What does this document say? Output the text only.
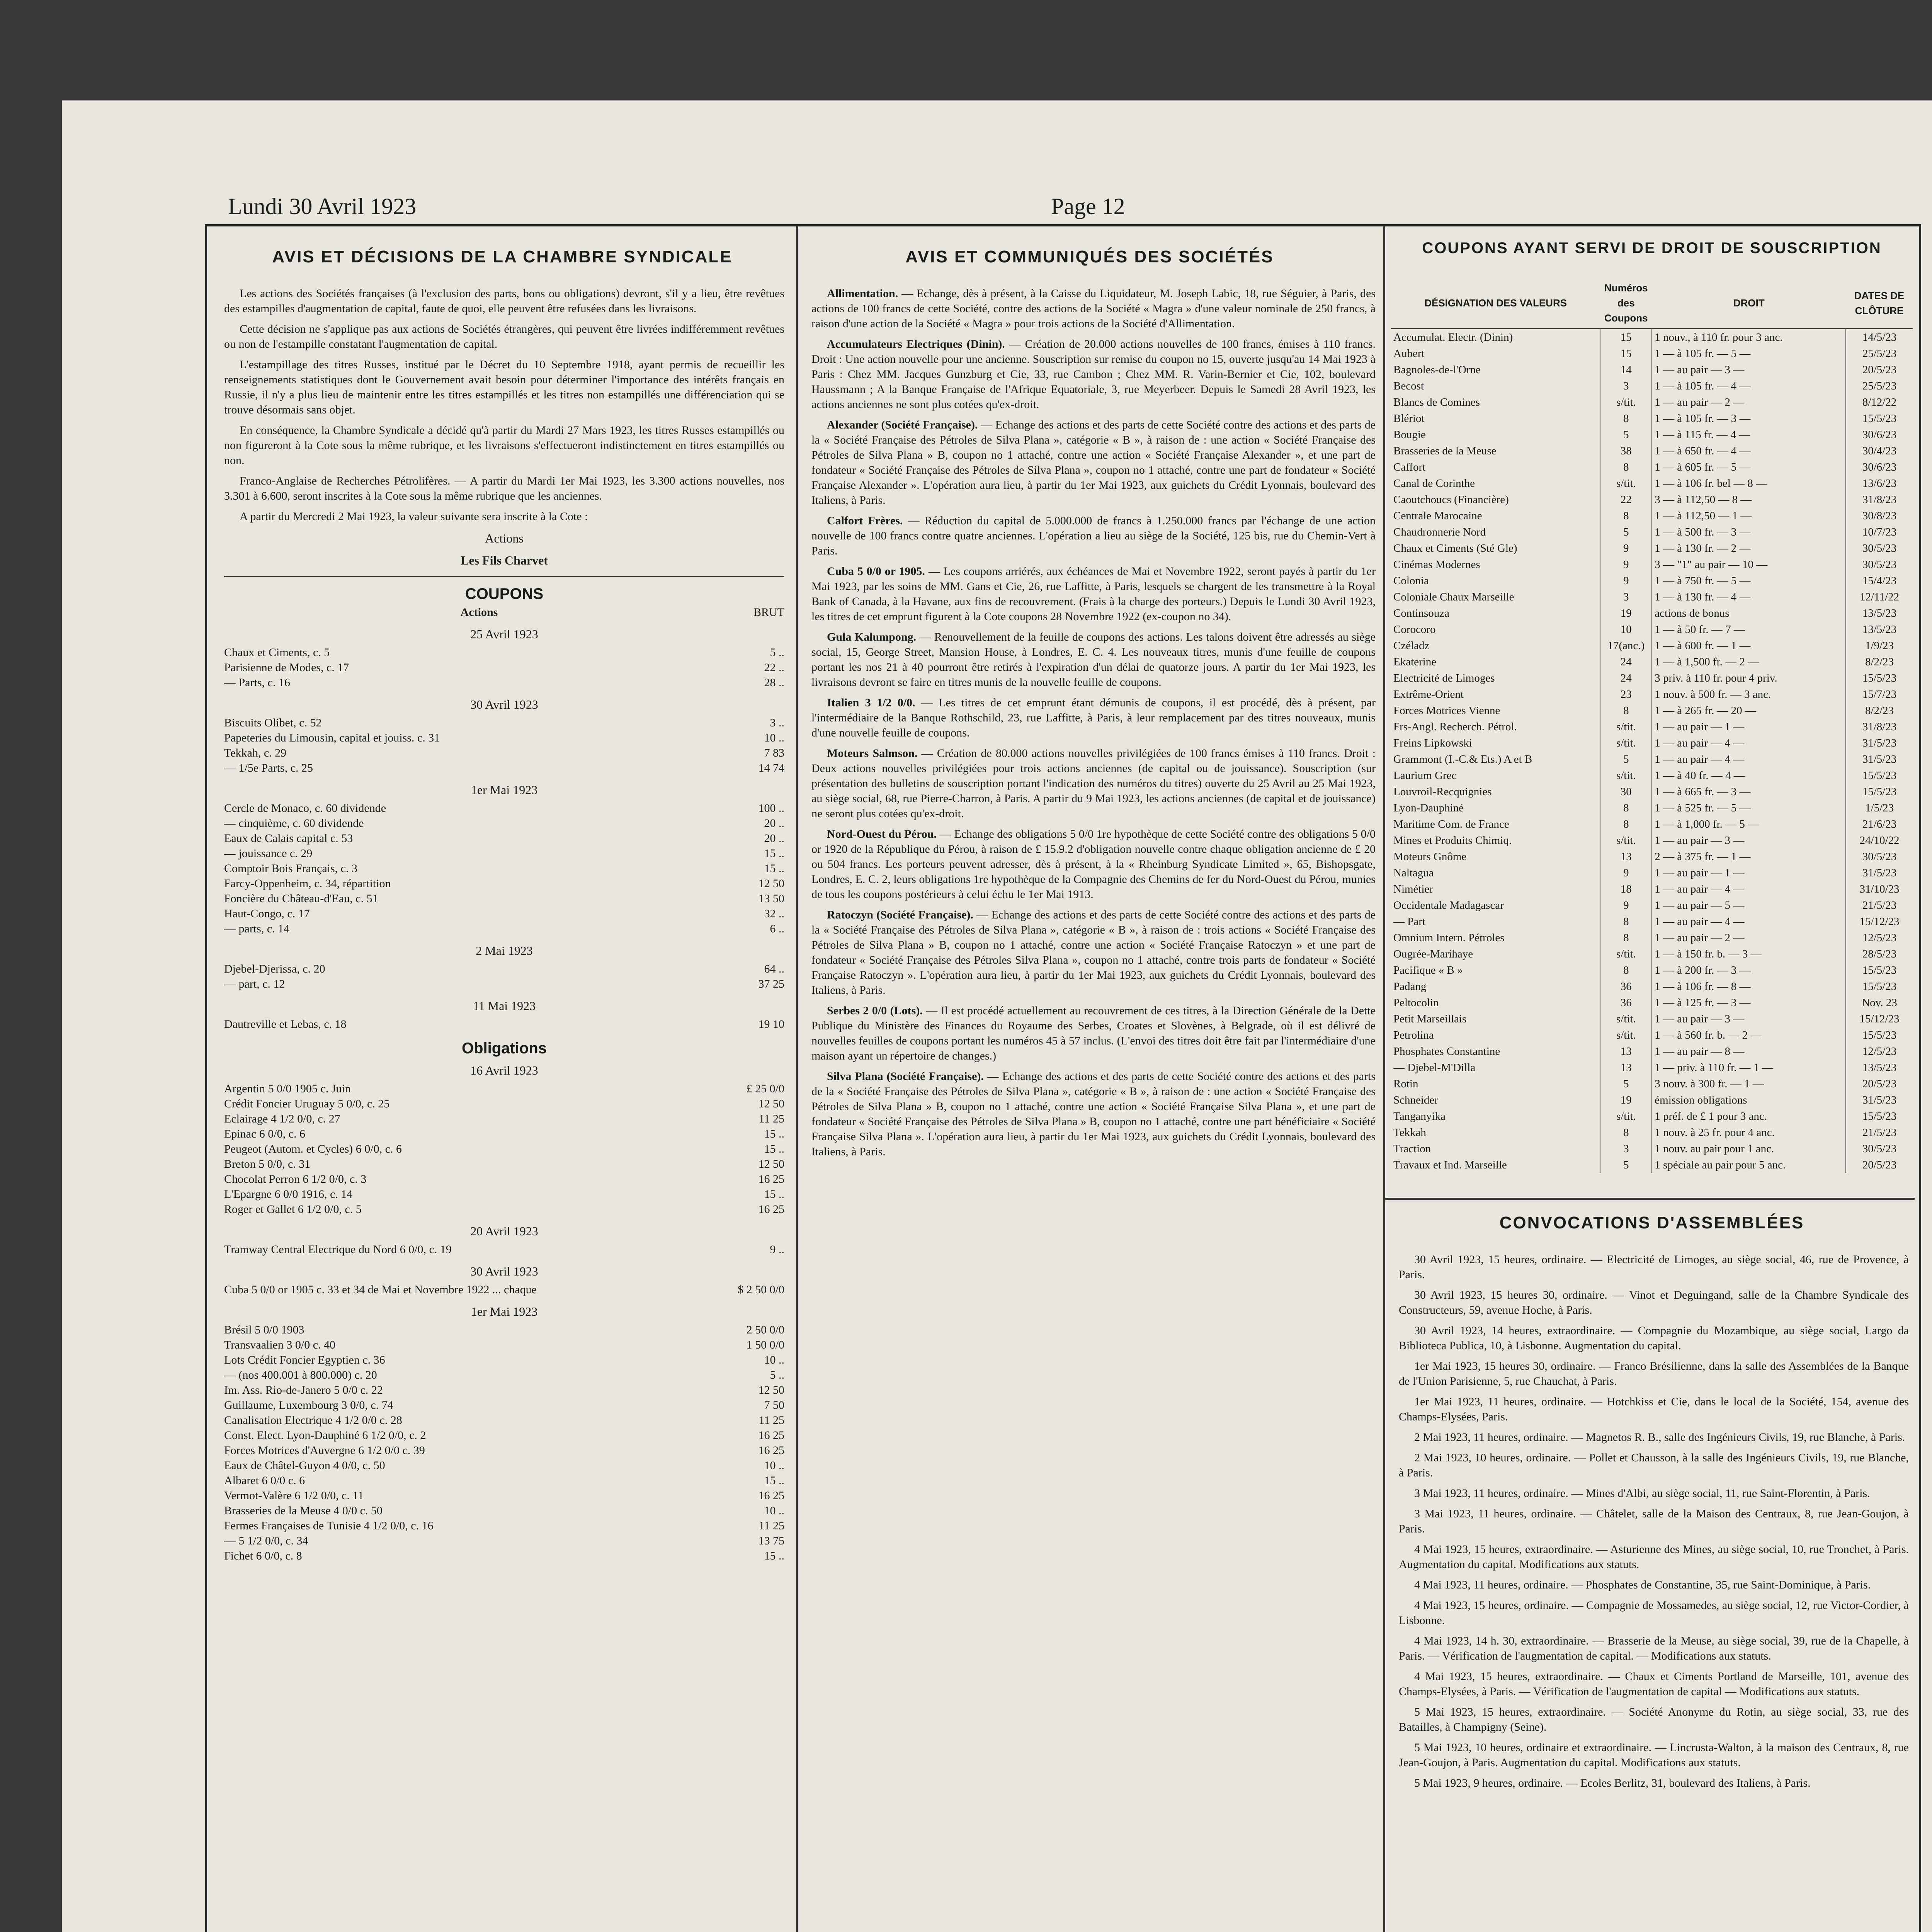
Lundi 30 Avril 1923	Page 12
AVIS ET DÉCISIONS DE LA CHAMBRE SYNDICALE

Les actions des Sociétés françaises (à l'exclusion des parts, bons ou obligations) devront, s'il y a lieu, être revêtues des estampilles d'augmentation de capital, faute de quoi, elle peuvent être refusées dans les livraisons.

Cette décision ne s'applique pas aux actions de Sociétés étrangères, qui peuvent être livrées indifféremment revêtues ou non de l'estampille constatant l'augmentation de capital.

L'estampillage des titres Russes, institué par le Décret du 10 Septembre 1918, ayant permis de recueillir les renseignements statistiques dont le Gouvernement avait besoin pour déterminer l'importance des intérêts français en Russie, il n'y a plus lieu de maintenir entre les titres estampillés et les titres non estampillés une différenciation qui se trouve désormais sans objet.

En conséquence, la Chambre Syndicale a décidé qu'à partir du Mardi 27 Mars 1923, les titres Russes estampillés ou non figureront à la Cote sous la même rubrique, et les livraisons s'effectueront indistinctement en titres estampillés ou non.

Franco-Anglaise de Recherches Pétrolifères. — A partir du Mardi 1er Mai 1923, les 3.300 actions nouvelles, nos 3.301 à 6.600, seront inscrites à la Cote sous la même rubrique que les anciennes.

A partir du Mercredi 2 Mai 1923, la valeur suivante sera inscrite à la Cote :

Actions
Les Fils Charvet
COUPONS
Actions	BRUT
25 Avril 1923
Chaux et Ciments, c. 5	5 ..
Parisienne de Modes, c. 17	22 ..
— Parts, c. 16	28 ..
30 Avril 1923
Biscuits Olibet, c. 52	3 ..
Papeteries du Limousin, capital et jouiss. c. 31	10 ..
Tekkah, c. 29	7 83
— 1/5e Parts, c. 25	14 74
1er Mai 1923
Cercle de Monaco, c. 60 dividende	100 ..
— cinquième, c. 60 dividende	20 ..
Eaux de Calais capital c. 53	20 ..
— jouissance c. 29	15 ..
Comptoir Bois Français, c. 3	15 ..
Farcy-Oppenheim, c. 34, répartition	12 50
Foncière du Château-d'Eau, c. 51	13 50
Haut-Congo, c. 17	32 ..
— parts, c. 14	6 ..
2 Mai 1923
Djebel-Djerissa, c. 20	64 ..
— part, c. 12	37 25
11 Mai 1923
Dautreville et Lebas, c. 18	19 10
Obligations
16 Avril 1923
Argentin 5 0/0 1905 c. Juin	£ 25 0/0
Crédit Foncier Uruguay 5 0/0, c. 25	12 50
Eclairage 4 1/2 0/0, c. 27	11 25
Epinac 6 0/0, c. 6	15 ..
Peugeot (Autom. et Cycles) 6 0/0, c. 6	15 ..
Breton 5 0/0, c. 31	12 50
Chocolat Perron 6 1/2 0/0, c. 3	16 25
L'Epargne 6 0/0 1916, c. 14	15 ..
Roger et Gallet 6 1/2 0/0, c. 5	16 25
20 Avril 1923
Tramway Central Electrique du Nord 6 0/0, c. 19	9 ..
30 Avril 1923
Cuba 5 0/0 or 1905 c. 33 et 34 de Mai et Novembre 1922 ... chaque	$ 2 50 0/0
1er Mai 1923
Brésil 5 0/0 1903	2 50 0/0
Transvaalien 3 0/0 c. 40	1 50 0/0
Lots Crédit Foncier Egyptien c. 36	10 ..
— (nos 400.001 à 800.000) c. 20	5 ..
Im. Ass. Rio-de-Janero 5 0/0 c. 22	12 50
Guillaume, Luxembourg 3 0/0, c. 74	7 50
Canalisation Electrique 4 1/2 0/0 c. 28	11 25
Const. Elect. Lyon-Dauphiné 6 1/2 0/0, c. 2	16 25
Forces Motrices d'Auvergne 6 1/2 0/0 c. 39	16 25
Eaux de Châtel-Guyon 4 0/0, c. 50	10 ..
Albaret 6 0/0 c. 6	15 ..
Vermot-Valère 6 1/2 0/0, c. 11	16 25
Brasseries de la Meuse 4 0/0 c. 50	10 ..
Fermes Françaises de Tunisie 4 1/2 0/0, c. 16	11 25
— 5 1/2 0/0, c. 34	13 75
Fichet 6 0/0, c. 8	15 ..
AVIS ET COMMUNIQUÉS DES SOCIÉTÉS

Allimentation. — Echange, dès à présent, à la Caisse du Liquidateur, M. Joseph Labic, 18, rue Séguier, à Paris, des actions de 100 francs de cette Société, contre des actions de la Société « Magra » d'une valeur nominale de 250 francs, à raison d'une action de la Société « Magra » pour trois actions de la Société d'Allimentation.

Accumulateurs Electriques (Dinin). — Création de 20.000 actions nouvelles de 100 francs, émises à 110 francs. Droit : Une action nouvelle pour une ancienne. Souscription sur remise du coupon no 15, ouverte jusqu'au 14 Mai 1923 à Paris : Chez MM. Jacques Gunzburg et Cie, 33, rue Cambon ; Chez MM. R. Varin-Bernier et Cie, 102, boulevard Haussmann ; A la Banque Française de l'Afrique Equatoriale, 3, rue Meyerbeer. Depuis le Samedi 28 Avril 1923, les actions anciennes ne sont plus cotées qu'ex-droit.

Alexander (Société Française). — Echange des actions et des parts de cette Société contre des actions et des parts de la « Société Française des Pétroles de Silva Plana », catégorie « B », à raison de : une action « Société Française des Pétroles de Silva Plana » B, coupon no 1 attaché, contre une action « Société Française Alexander », et une part de fondateur « Société Française des Pétroles de Silva Plana », coupon no 1 attaché, contre une part de fondateur « Société Française Alexander ». L'opération aura lieu, à partir du 1er Mai 1923, aux guichets du Crédit Lyonnais, boulevard des Italiens, à Paris.

Calfort Frères. — Réduction du capital de 5.000.000 de francs à 1.250.000 francs par l'échange de une action nouvelle de 100 francs contre quatre anciennes. L'opération a lieu au siège de la Société, 125 bis, rue du Chemin-Vert à Paris.

Cuba 5 0/0 or 1905. — Les coupons arriérés, aux échéances de Mai et Novembre 1922, seront payés à partir du 1er Mai 1923, par les soins de MM. Gans et Cie, 26, rue Laffitte, à Paris, lesquels se chargent de les transmettre à la Royal Bank of Canada, à la Havane, aux fins de recouvrement. (Frais à la charge des porteurs.) Depuis le Lundi 30 Avril 1923, les titres de cet emprunt figurent à la Cote coupons 28 Novembre 1922 (ex-coupon no 34).

Gula Kalumpong. — Renouvellement de la feuille de coupons des actions. Les talons doivent être adressés au siège social, 15, George Street, Mansion House, à Londres, E. C. 4. Les nouveaux titres, munis d'une feuille de coupons portant les nos 21 à 40 pourront être retirés à l'expiration d'un délai de quatorze jours. A partir du 1er Mai 1923, les livraisons devront se faire en titres munis de la nouvelle feuille de coupons.

Italien 3 1/2 0/0. — Les titres de cet emprunt étant démunis de coupons, il est procédé, dès à présent, par l'intermédiaire de la Banque Rothschild, 23, rue Laffitte, à Paris, à leur remplacement par des titres nouveaux, munis d'une nouvelle feuille de coupons.

Moteurs Salmson. — Création de 80.000 actions nouvelles privilégiées de 100 francs émises à 110 francs. Droit : Deux actions nouvelles privilégiées pour trois actions anciennes (de capital ou de jouissance). Souscription (sur présentation des bulletins de souscription portant l'indication des numéros du titres) ouverte du 25 Avril au 25 Mai 1923, au siège social, 68, rue Pierre-Charron, à Paris. A partir du 9 Mai 1923, les actions anciennes (de capital et de jouissance) ne seront plus cotées qu'ex-droit.

Nord-Ouest du Pérou. — Echange des obligations 5 0/0 1re hypothèque de cette Société contre des obligations 5 0/0 or 1920 de la République du Pérou, à raison de £ 15.9.2 d'obligation nouvelle contre chaque obligation ancienne de £ 20 ou 504 francs. Les porteurs peuvent adresser, dès à présent, à la « Rheinburg Syndicate Limited », 65, Bishopsgate, Londres, E. C. 2, leurs obligations 1re hypothèque de la Compagnie des Chemins de fer du Nord-Ouest du Pérou, munies de tous les coupons postérieurs à celui échu le 1er Mai 1913.

Ratoczyn (Société Française). — Echange des actions et des parts de cette Société contre des actions et des parts de la « Société Française des Pétroles de Silva Plana », catégorie « B », à raison de : trois actions « Société Française des Pétroles de Silva Plana » B, coupon no 1 attaché, contre une action « Société Française Ratoczyn » et une part de fondateur « Société Française des Pétroles Silva Plana », coupon no 1 attaché, contre trois parts de fondateur « Société Française Ratoczyn ». L'opération aura lieu, à partir du 1er Mai 1923, aux guichets du Crédit Lyonnais, boulevard des Italiens, à Paris.

Serbes 2 0/0 (Lots). — Il est procédé actuellement au recouvrement de ces titres, à la Direction Générale de la Dette Publique du Ministère des Finances du Royaume des Serbes, Croates et Slovènes, à Belgrade, où il est délivré de nouvelles feuilles de coupons portant les numéros 45 à 57 inclus. (L'envoi des titres doit être fait par l'intermédiaire d'une maison ayant un répertoire de changes.)

Silva Plana (Société Française). — Echange des actions et des parts de cette Société contre des actions et des parts de la « Société Française des Pétroles de Silva Plana », catégorie « B », à raison de : une action « Société Française des Pétroles de Silva Plana » B, coupon no 1 attaché, contre une action « Société Française Silva Plana », et une part de fondateur « Société Française des Pétroles de Silva Plana » B, coupon no 1 attaché, contre une part bénéficiaire « Société Française Silva Plana ». L'opération aura lieu, à partir du 1er Mai 1923, aux guichets du Crédit Lyonnais, boulevard des Italiens, à Paris.

COUPONS AYANT SERVI DE DROIT DE SOUSCRIPTION
DÉSIGNATION DES VALEURS	Numéros des Coupons	DROIT	DATES DE CLÔTURE
Accumulat. Electr. (Dinin)	15	1 nouv., à 110 fr. pour 3 anc.	14/5/23
Aubert	15	1 — à 105 fr. — 5 —	25/5/23
Bagnoles-de-l'Orne	14	1 — au pair — 3 —	20/5/23
Becost	3	1 — à 105 fr. — 4 —	25/5/23
Blancs de Comines	s/tit.	1 — au pair — 2 —	8/12/22
Blériot	8	1 — à 105 fr. — 3 —	15/5/23
Bougie	5	1 — à 115 fr. — 4 —	30/6/23
Brasseries de la Meuse	38	1 — à 650 fr. — 4 —	30/4/23
Caffort	8	1 — à 605 fr. — 5 —	30/6/23
Canal de Corinthe	s/tit.	1 — à 106 fr. bel — 8 —	13/6/23
Caoutchoucs (Financière)	22	3 — à 112,50 — 8 —	31/8/23
Centrale Marocaine	8	1 — à 112,50 — 1 —	30/8/23
Chaudronnerie Nord	5	1 — à 500 fr. — 3 —	10/7/23
Chaux et Ciments (Sté Gle)	9	1 — à 130 fr. — 2 —	30/5/23
Cinémas Modernes	9	3 — "1" au pair — 10 —	30/5/23
Colonia	9	1 — à 750 fr. — 5 —	15/4/23
Coloniale Chaux Marseille	3	1 — à 130 fr. — 4 —	12/11/22
Continsouza	19	actions de bonus	13/5/23
Corocoro	10	1 — à 50 fr. — 7 —	13/5/23
Czéladz	17(anc.)	1 — à 600 fr. — 1 —	1/9/23
Ekaterine	24	1 — à 1,500 fr. — 2 —	8/2/23
Electricité de Limoges	24	3 priv. à 110 fr. pour 4 priv.	15/5/23
Extrême-Orient	23	1 nouv. à 500 fr. — 3 anc.	15/7/23
Forces Motrices Vienne	8	1 — à 265 fr. — 20 —	8/2/23
Frs-Angl. Recherch. Pétrol.	s/tit.	1 — au pair — 1 —	31/8/23
Freins Lipkowski	s/tit.	1 — au pair — 4 —	31/5/23
Grammont (I.-C.& Ets.) A et B	5	1 — au pair — 4 —	31/5/23
Laurium Grec	s/tit.	1 — à 40 fr. — 4 —	15/5/23
Louvroil-Recquignies	30	1 — à 665 fr. — 3 —	15/5/23
Lyon-Dauphiné	8	1 — à 525 fr. — 5 —	1/5/23
Maritime Com. de France	8	1 — à 1,000 fr. — 5 —	21/6/23
Mines et Produits Chimiq.	s/tit.	1 — au pair — 3 —	24/10/22
Moteurs Gnôme	13	2 — à 375 fr. — 1 —	30/5/23
Naltagua	9	1 — au pair — 1 —	31/5/23
Nimétier	18	1 — au pair — 4 —	31/10/23
Occidentale Madagascar	9	1 — au pair — 5 —	21/5/23
— Part	8	1 — au pair — 4 —	15/12/23
Omnium Intern. Pétroles	8	1 — au pair — 2 —	12/5/23
Ougrée-Marihaye	s/tit.	1 — à 150 fr. b. — 3 —	28/5/23
Pacifique « B »	8	1 — à 200 fr. — 3 —	15/5/23
Padang	36	1 — à 106 fr. — 8 —	15/5/23
Peltocolin	36	1 — à 125 fr. — 3 —	Nov. 23
Petit Marseillais	s/tit.	1 — au pair — 3 —	15/12/23
Petrolina	s/tit.	1 — à 560 fr. b. — 2 —	15/5/23
Phosphates Constantine	13	1 — au pair — 8 —	12/5/23
— Djebel-M'Dilla	13	1 — priv. à 110 fr. — 1 —	13/5/23
Rotin	5	3 nouv. à 300 fr. — 1 —	20/5/23
Schneider	19	émission obligations	31/5/23
Tanganyika	s/tit.	1 préf. de £ 1 pour 3 anc.	15/5/23
Tekkah	8	1 nouv. à 25 fr. pour 4 anc.	21/5/23
Traction	3	1 nouv. au pair pour 1 anc.	30/5/23
Travaux et Ind. Marseille	5	1 spéciale au pair pour 5 anc.	20/5/23
CONVOCATIONS D'ASSEMBLÉES

30 Avril 1923, 15 heures, ordinaire. — Electricité de Limoges, au siège social, 46, rue de Provence, à Paris.

30 Avril 1923, 15 heures 30, ordinaire. — Vinot et Deguingand, salle de la Chambre Syndicale des Constructeurs, 59, avenue Hoche, à Paris.

30 Avril 1923, 14 heures, extraordinaire. — Compagnie du Mozambique, au siège social, Largo da Biblioteca Publica, 10, à Lisbonne. Augmentation du capital.

1er Mai 1923, 15 heures 30, ordinaire. — Franco Brésilienne, dans la salle des Assemblées de la Banque de l'Union Parisienne, 5, rue Chauchat, à Paris.

1er Mai 1923, 11 heures, ordinaire. — Hotchkiss et Cie, dans le local de la Société, 154, avenue des Champs-Elysées, Paris.

2 Mai 1923, 11 heures, ordinaire. — Magnetos R. B., salle des Ingénieurs Civils, 19, rue Blanche, à Paris.

2 Mai 1923, 10 heures, ordinaire. — Pollet et Chausson, à la salle des Ingénieurs Civils, 19, rue Blanche, à Paris.

3 Mai 1923, 11 heures, ordinaire. — Mines d'Albi, au siège social, 11, rue Saint-Florentin, à Paris.

3 Mai 1923, 11 heures, ordinaire. — Châtelet, salle de la Maison des Centraux, 8, rue Jean-Goujon, à Paris.

4 Mai 1923, 15 heures, extraordinaire. — Asturienne des Mines, au siège social, 10, rue Tronchet, à Paris. Augmentation du capital. Modifications aux statuts.

4 Mai 1923, 11 heures, ordinaire. — Phosphates de Constantine, 35, rue Saint-Dominique, à Paris.

4 Mai 1923, 15 heures, ordinaire. — Compagnie de Mossamedes, au siège social, 12, rue Victor-Cordier, à Lisbonne.

4 Mai 1923, 14 h. 30, extraordinaire. — Brasserie de la Meuse, au siège social, 39, rue de la Chapelle, à Paris. — Vérification de l'augmentation de capital. — Modifications aux statuts.

4 Mai 1923, 15 heures, extraordinaire. — Chaux et Ciments Portland de Marseille, 101, avenue des Champs-Elysées, à Paris. — Vérification de l'augmentation de capital — Modifications aux statuts.

5 Mai 1923, 15 heures, extraordinaire. — Société Anonyme du Rotin, au siège social, 33, rue des Batailles, à Champigny (Seine).

5 Mai 1923, 10 heures, ordinaire et extraordinaire. — Lincrusta-Walton, à la maison des Centraux, 8, rue Jean-Goujon, à Paris. Augmentation du capital. Modifications aux statuts.

5 Mai 1923, 9 heures, ordinaire. — Ecoles Berlitz, 31, boulevard des Italiens, à Paris.
